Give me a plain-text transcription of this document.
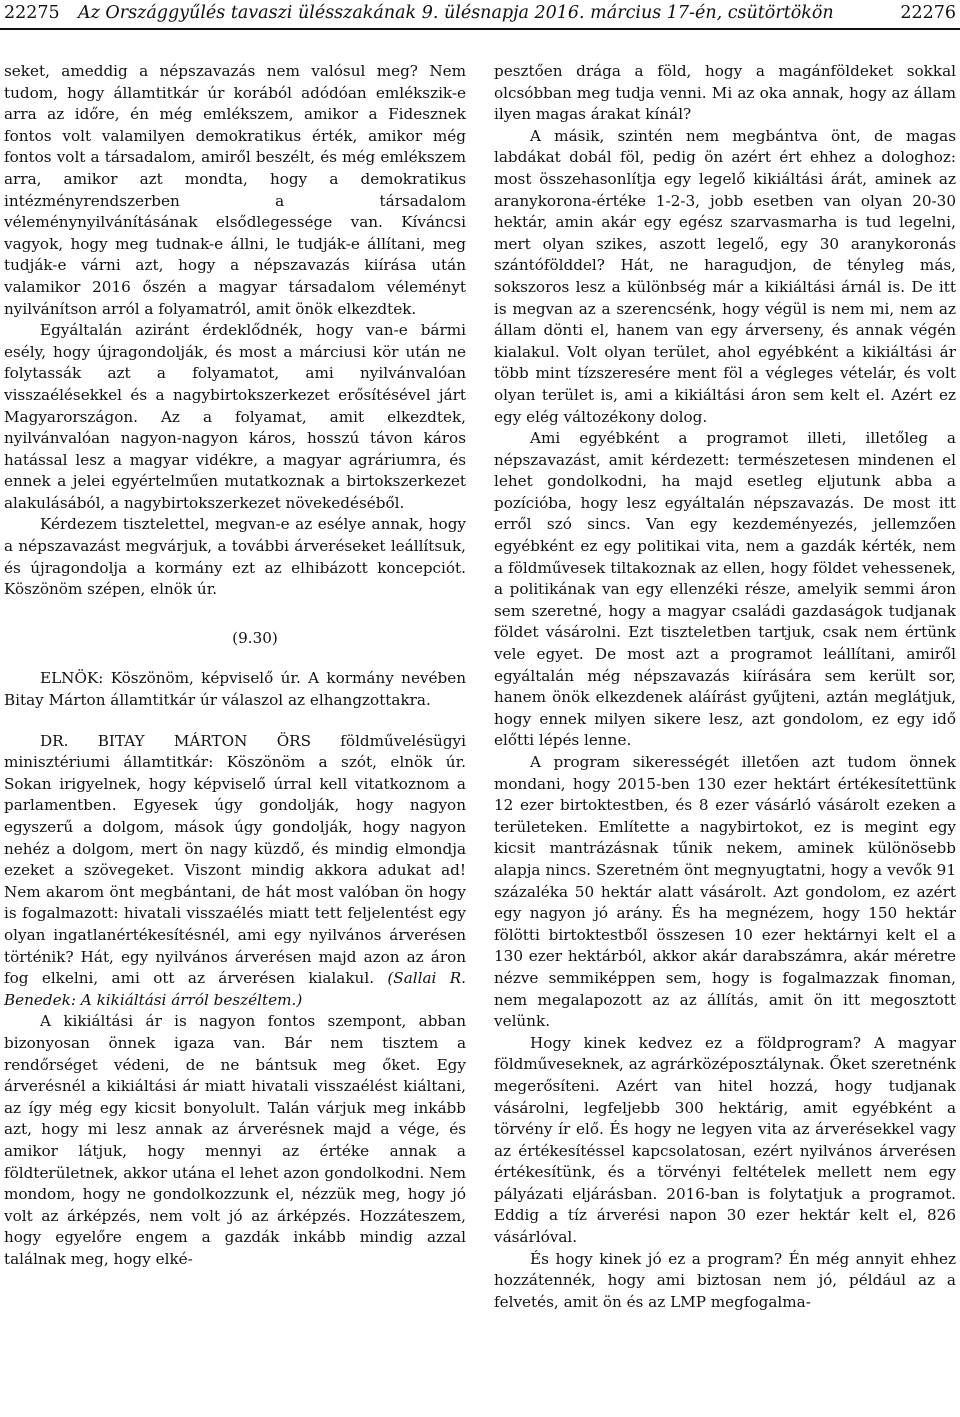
22275 Az Országgyűlés tavaszi ülésszakának 9. ülésnapja 2016. március 17-én, csütörtökön	22276

seket, ameddig a népszavazás nem valósul meg? Nem tudom, hogy államtitkár úr korából adódóan emlékszik-e arra az időre, én még emlékszem, amikor a Fidesznek fontos volt valamilyen demokratikus érték, amikor még fontos volt a társadalom, amiről beszélt, és még emlékszem arra, amikor azt mondta, hogy a demokratikus intézményrendszerben a társadalom véleménynyilvánításának elsődlegessége van. Kíváncsi vagyok, hogy meg tudnak-e állni, le tudják-e állítani, meg tudják-e várni azt, hogy a népszavazás kiírása után valamikor 2016 őszén a magyar társadalom véleményt nyilvánítson arról a folyamatról, amit önök elkezdtek.

Egyáltalán aziránt érdeklődnék, hogy van-e bármi esély, hogy újragondolják, és most a márciusi kör után ne folytassák azt a folyamatot, ami nyilvánvalóan visszaélésekkel és a nagybirtokszerkezet erősítésével járt Magyarországon. Az a folyamat, amit elkezdtek, nyilvánvalóan nagyon-nagyon káros, hosszú távon káros hatással lesz a magyar vidékre, a magyar agráriumra, és ennek a jelei egyértelműen mutatkoznak a birtokszerkezet alakulásából, a nagybirtokszerkezet növekedéséből.

Kérdezem tisztelettel, megvan-e az esélye annak, hogy a népszavazást megvárjuk, a további árveréseket leállítsuk, és újragondolja a kormány ezt az elhibázott koncepciót. Köszönöm szépen, elnök úr.

(9.30)

ELNÖK: Köszönöm, képviselő úr. A kormány nevében Bitay Márton államtitkár úr válaszol az elhangzottakra.

DR. BITAY MÁRTON ÖRS földművelésügyi minisztériumi államtitkár: Köszönöm a szót, elnök úr. Sokan irigyelnek, hogy képviselő úrral kell vitatkoznom a parlamentben. Egyesek úgy gondolják, hogy nagyon egyszerű a dolgom, mások úgy gondolják, hogy nagyon nehéz a dolgom, mert ön nagy küzdő, és mindig elmondja ezeket a szövegeket. Viszont mindig akkora adukat ad! Nem akarom önt megbántani, de hát most valóban ön hogy is fogalmazott: hivatali visszaélés miatt tett feljelentést egy olyan ingatlanértékesítésnél, ami egy nyilvános árverésen történik? Hát, egy nyilvános árverésen majd azon az áron fog elkelni, ami ott az árverésen kialakul. (Sallai R. Benedek: A kikiáltási árról beszéltem.)

A kikiáltási ár is nagyon fontos szempont, abban bizonyosan önnek igaza van. Bár nem tisztem a rendőrséget védeni, de ne bántsuk meg őket. Egy árverésnél a kikiáltási ár miatt hivatali visszaélést kiáltani, az így még egy kicsit bonyolult. Talán várjuk meg inkább azt, hogy mi lesz annak az árverésnek majd a vége, és amikor látjuk, hogy mennyi az értéke annak a földterületnek, akkor utána el lehet azon gondolkodni. Nem mondom, hogy ne gondolkozzunk el, nézzük meg, hogy jó volt az árképzés, nem volt jó az árképzés. Hozzáteszem, hogy egyelőre engem a gazdák inkább mindig azzal találnak meg, hogy elké-

pesztően drága a föld, hogy a magánföldeket sokkal olcsóbban meg tudja venni. Mi az oka annak, hogy az állam ilyen magas árakat kínál?

A másik, szintén nem megbántva önt, de magas labdákat dobál föl, pedig ön azért ért ehhez a dologhoz: most összehasonlítja egy legelő kikiáltási árát, aminek az aranykorona-értéke 1-2-3, jobb esetben van olyan 20-30 hektár, amin akár egy egész szarvasmarha is tud legelni, mert olyan szikes, aszott legelő, egy 30 aranykoronás szántófölddel? Hát, ne haragudjon, de tényleg más, sokszoros lesz a különbség már a kikiáltási árnál is. De itt is megvan az a szerencsénk, hogy végül is nem mi, nem az állam dönti el, hanem van egy árverseny, és annak végén kialakul. Volt olyan terület, ahol egyébként a kikiáltási ár több mint tízszeresére ment föl a végleges vételár, és volt olyan terület is, ami a kikiáltási áron sem kelt el. Azért ez egy elég változékony dolog.

Ami egyébként a programot illeti, illetőleg a népszavazást, amit kérdezett: természetesen mindenen el lehet gondolkodni, ha majd esetleg eljutunk abba a pozícióba, hogy lesz egyáltalán népszavazás. De most itt erről szó sincs. Van egy kezdeményezés, jellemzően egyébként ez egy politikai vita, nem a gazdák kérték, nem a földművesek tiltakoznak az ellen, hogy földet vehessenek, a politikának van egy ellenzéki része, amelyik semmi áron sem szeretné, hogy a magyar családi gazdaságok tudjanak földet vásárolni. Ezt tiszteletben tartjuk, csak nem értünk vele egyet. De most azt a programot leállítani, amiről egyáltalán még népszavazás kiírására sem került sor, hanem önök elkezdenek aláírást gyűjteni, aztán meglátjuk, hogy ennek milyen sikere lesz, azt gondolom, ez egy idő előtti lépés lenne.

A program sikerességét illetően azt tudom önnek mondani, hogy 2015-ben 130 ezer hektárt értékesítettünk 12 ezer birtoktestben, és 8 ezer vásárló vásárolt ezeken a területeken. Említette a nagybirtokot, ez is megint egy kicsit mantrázásnak tűnik nekem, aminek különösebb alapja nincs. Szeretném önt megnyugtatni, hogy a vevők 91 százaléka 50 hektár alatt vásárolt. Azt gondolom, ez azért egy nagyon jó arány. És ha megnézem, hogy 150 hektár fölötti birtoktestből összesen 10 ezer hektárnyi kelt el a 130 ezer hektárból, akkor akár darabszámra, akár méretre nézve semmiképpen sem, hogy is fogalmazzak finoman, nem megalapozott az az állítás, amit ön itt megosztott velünk.

Hogy kinek kedvez ez a földprogram? A magyar földműveseknek, az agrárközéposztálynak. Őket szeretnénk megerősíteni. Azért van hitel hozzá, hogy tudjanak vásárolni, legfeljebb 300 hektárig, amit egyébként a törvény ír elő. És hogy ne legyen vita az árverésekkel vagy az értékesítéssel kapcsolatosan, ezért nyilvános árverésen értékesítünk, és a törvényi feltételek mellett nem egy pályázati eljárásban. 2016-ban is folytatjuk a programot. Eddig a tíz árverési napon 30 ezer hektár kelt el, 826 vásárlóval.

És hogy kinek jó ez a program? Én még annyit ehhez hozzátennék, hogy ami biztosan nem jó, például az a felvetés, amit ön és az LMP megfogalma-
